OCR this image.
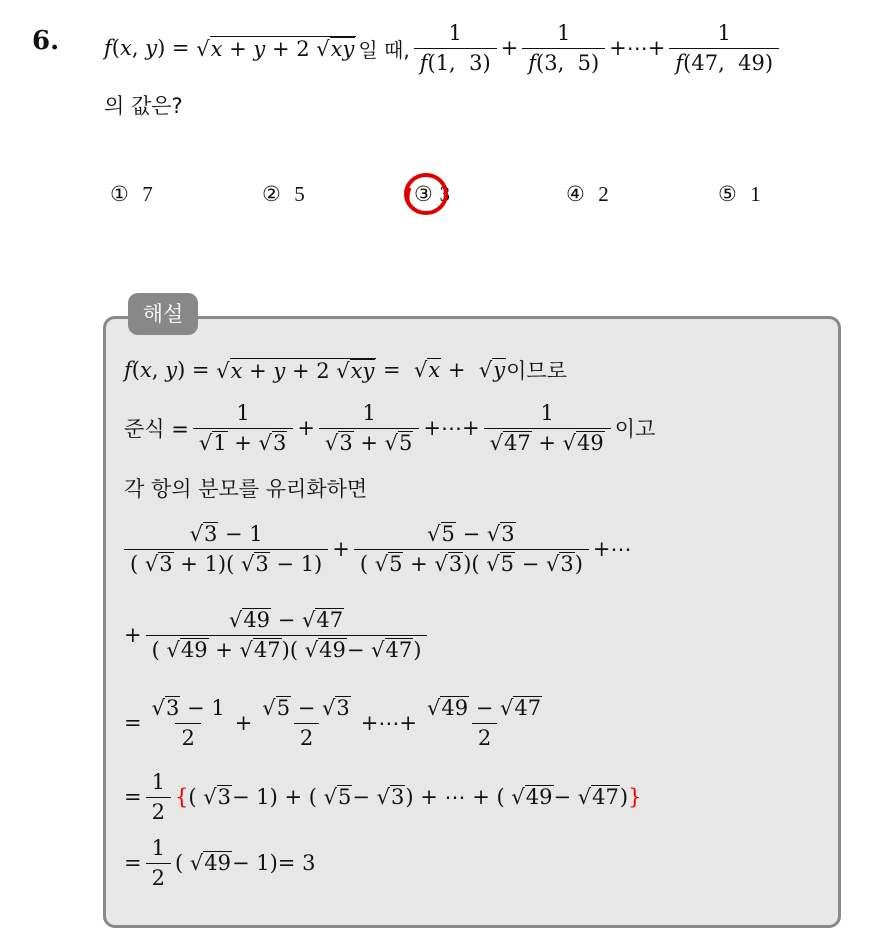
6. f ( x , y ) = √x + y + 2 √xy 일 때, $\frac{1}{f(1, 3)} + \frac{1}{f(3, 5)}$ +⋯+ $\frac{1}{f(47, 49)}$
의 값은?
① 7	② 5	③ 3	④ 2	⑤ 1
해설
f ( x , y ) = √x + y + 2 √xy =  √ x +  √ y 이므로
준식 = $\frac{1}{√1 + √3} + \frac{1}{√3 + √5}$ +⋯+ $\frac{1}{√47 + √49}$ 이고
각 항의 분모를 유리화하면
$\frac{√3 - 1}{( √3 + 1)( √3 - 1)} + \frac{√5 - √3}{( √5 + √3)( √5 - √3)}$ +⋯
+ $\frac{√49 - √47}{( √49 + √47)( √49- √47)}$
= $\frac{√3 - 1}{2} + \frac{√5 - √3}{2}$ +⋯+ $\frac{√49 - √47}{2}$
= $\frac{1}{2}$ { ( √ 3 − 1) + ( √ 5 − √ 3 ) + ⋯ + ( √ 49 − √ 47 ) }
= $\frac{1}{2}$ ( √ 49 − 1)= 3
